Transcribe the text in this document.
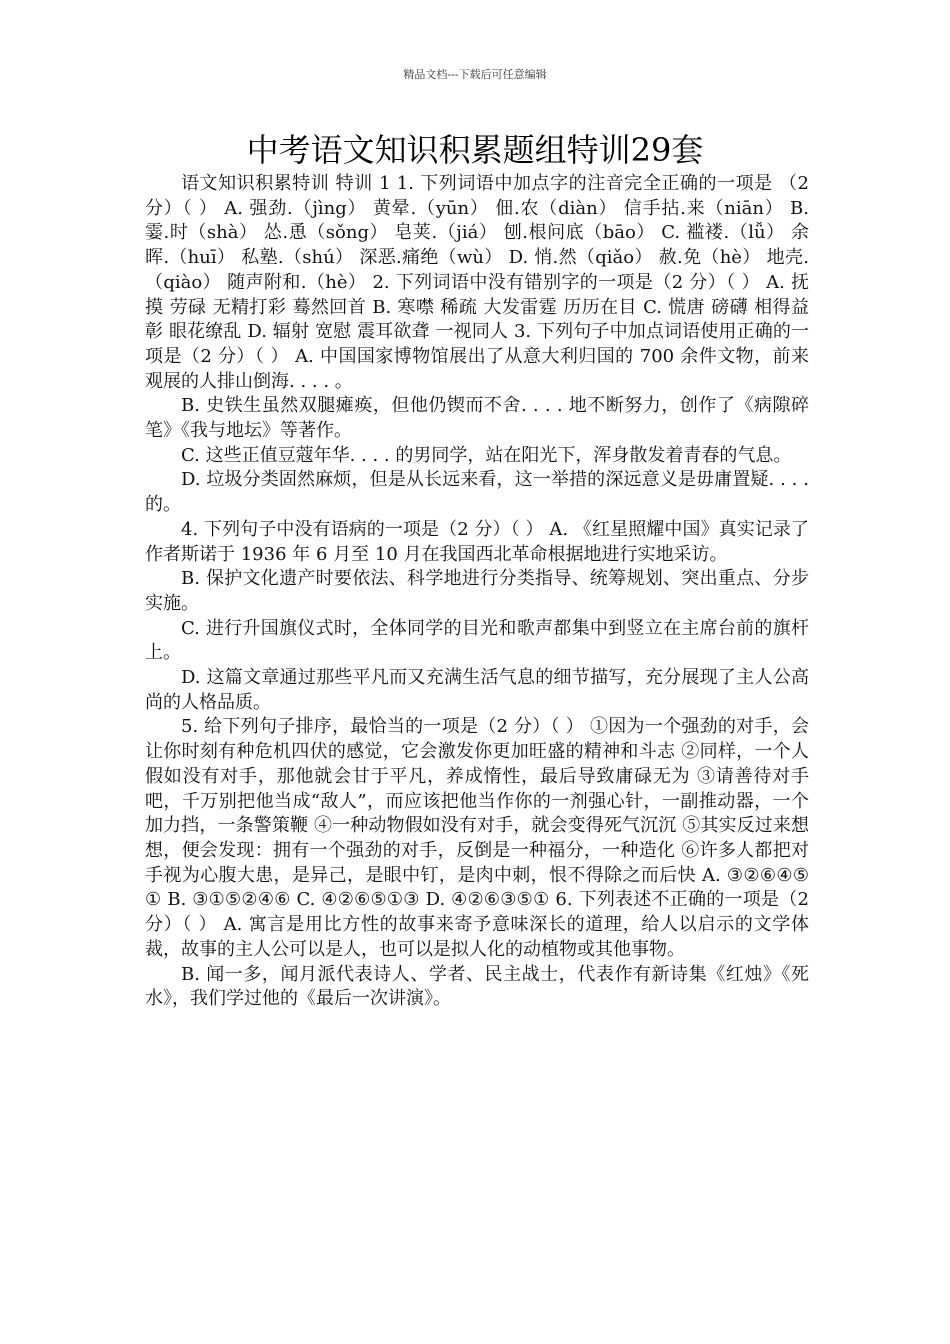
精品文档---下载后可任意编辑
中考语文知识积累题组特训29套

语文知识积累特训 特训 1 1. 下列词语中加点字的注音完全正确的一项是 （2 分）（ ） A. 强劲.（jìng） 黄晕.（yūn） 佃.农（diàn） 信手拈.来（niān） B. 霎.时（shà） 怂.恿（sǒng） 皂荚.（jiá） 刨.根问底（bāo） C. 褴褛.（lǚ） 余晖.（huī） 私塾.（shú） 深恶.痛绝（wù） D. 悄.然（qiǎo） 赦.免（hè） 地壳.（qiào） 随声附和.（hè） 2. 下列词语中没有错别字的一项是（2 分）（ ） A. 抚摸 劳碌 无精打彩 蓦然回首 B. 寒噤 稀疏 大发雷霆 历历在目 C. 慌唐 磅礴 相得益彰 眼花缭乱 D. 辐射 宽慰 震耳欲聋 一视同人 3. 下列句子中加点词语使用正确的一项是（2 分）（ ） A. 中国国家博物馆展出了从意大利归国的 700 余件文物，前来观展的人排山倒海. . . . 。

B. 史铁生虽然双腿瘫痪，但他仍锲而不舍. . . . 地不断努力，创作了《病隙碎笔》《我与地坛》等著作。

C. 这些正值豆蔻年华. . . . 的男同学，站在阳光下，浑身散发着青春的气息。

D. 垃圾分类固然麻烦，但是从长远来看，这一举措的深远意义是毋庸置疑. . . . 的。

4. 下列句子中没有语病的一项是（2 分）（ ） A. 《红星照耀中国》真实记录了作者斯诺于 1936 年 6 月至 10 月在我国西北革命根据地进行实地采访。

B. 保护文化遗产时要依法、科学地进行分类指导、统筹规划、突出重点、分步实施。

C. 进行升国旗仪式时，全体同学的目光和歌声都集中到竖立在主席台前的旗杆上。

D. 这篇文章通过那些平凡而又充满生活气息的细节描写，充分展现了主人公高尚的人格品质。

5. 给下列句子排序，最恰当的一项是（2 分）（ ） ①因为一个强劲的对手，会让你时刻有种危机四伏的感觉，它会激发你更加旺盛的精神和斗志 ②同样，一个人假如没有对手，那他就会甘于平凡，养成惰性，最后导致庸碌无为 ③请善待对手吧，千万别把他当成“敌人”，而应该把他当作你的一剂强心针，一副推动器，一个加力挡，一条警策鞭 ④一种动物假如没有对手，就会变得死气沉沉 ⑤其实反过来想想，便会发现：拥有一个强劲的对手，反倒是一种福分，一种造化 ⑥许多人都把对手视为心腹大患，是异己，是眼中钉，是肉中刺，恨不得除之而后快 A. ③②⑥④⑤① B. ③①⑤②④⑥ C. ④②⑥⑤①③ D. ④②⑥③⑤① 6. 下列表述不正确的一项是（2 分）（ ） A. 寓言是用比方性的故事来寄予意味深长的道理，给人以启示的文学体裁，故事的主人公可以是人，也可以是拟人化的动植物或其他事物。

B. 闻一多，闻月派代表诗人、学者、民主战士，代表作有新诗集《红烛》《死水》，我们学过他的《最后一次讲演》。
